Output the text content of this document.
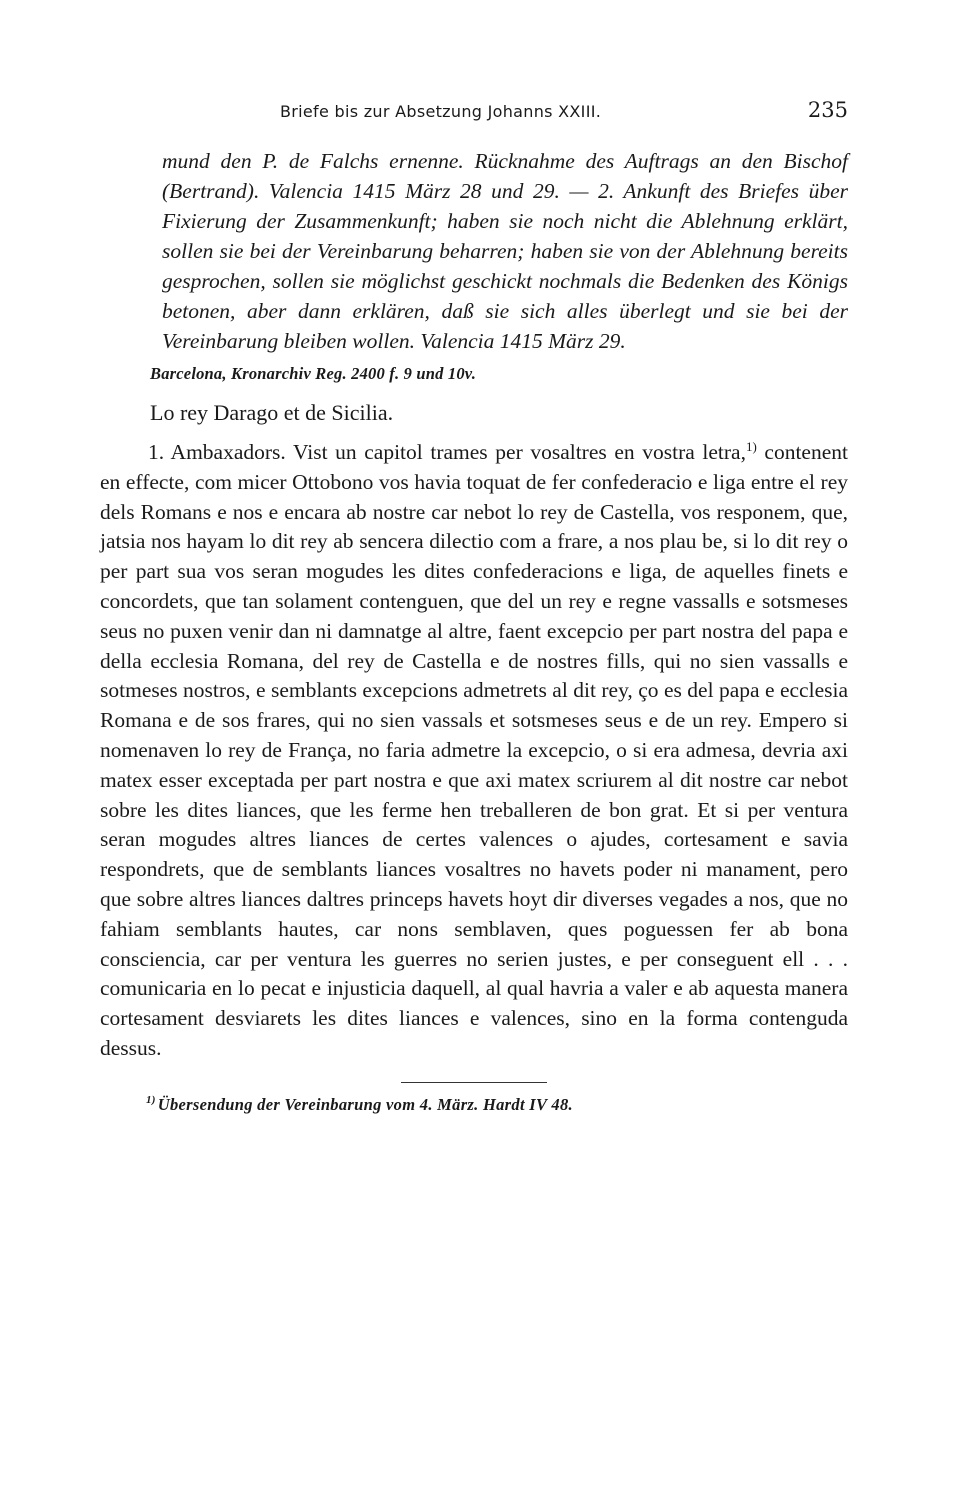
Briefe bis zur Absetzung Johanns XXIII.	235

mund den P. de Falchs ernenne. Rücknahme des Auftrags an den Bischof (Bertrand). Valencia 1415 März 28 und 29. — 2. Ankunft des Briefes über Fixierung der Zusammenkunft; haben sie noch nicht die Ablehnung erklärt, sollen sie bei der Vereinbarung beharren; haben sie von der Ablehnung bereits gesprochen, sollen sie möglichst geschickt nochmals die Bedenken des Königs betonen, aber dann erklären, daß sie sich alles überlegt und sie bei der Vereinbarung bleiben wollen. Valencia 1415 März 29.

Barcelona, Kronarchiv Reg. 2400 f. 9 und 10v.
Lo rey Darago et de Sicilia.

1. Ambaxadors. Vist un capitol trames per vosaltres en vostra letra,$^{1)}$ contenent en effecte, com micer Ottobono vos havia toquat de fer confederacio e liga entre el rey dels Romans e nos e encara ab nostre car nebot lo rey de Castella, vos responem, que, jatsia nos hayam lo dit rey ab sencera dilectio com a frare, a nos plau be, si lo dit rey o per part sua vos seran mogudes les dites confederacions e liga, de aquelles finets e concordets, que tan solament contenguen, que del un rey e regne vassalls e sotsmeses seus no puxen venir dan ni damnatge al altre, faent excepcio per part nostra del papa e della ecclesia Romana, del rey de Castella e de nostres fills, qui no sien vassalls e sotmeses nostros, e semblants excepcions admetrets al dit rey, ço es del papa e ecclesia Romana e de sos frares, qui no sien vassals et sotsmeses seus e de un rey. Empero si nomenaven lo rey de França, no faria admetre la excepcio, o si era admesa, devria axi matex esser exceptada per part nostra e que axi matex scriurem al dit nostre car nebot sobre les dites liances, que les ferme hen treballeren de bon grat. Et si per ventura seran mogudes altres liances de certes valences o ajudes, cortesament e savia respondrets, que de semblants liances vosaltres no havets poder ni manament, pero que sobre altres liances daltres princeps havets hoyt dir diverses vegades a nos, que no fahiam semblants hautes, car nons semblaven, ques poguessen fer ab bona consciencia, car per ventura les guerres no serien justes, e per conseguent ell . . . comunicaria en lo pecat e injusticia daquell, al qual havria a valer e ab aquesta manera cortesament desviarets les dites liances e valences, sino en la forma contenguda dessus.

$^{1)}$ Übersendung der Vereinbarung vom 4. März. Hardt IV 48.
